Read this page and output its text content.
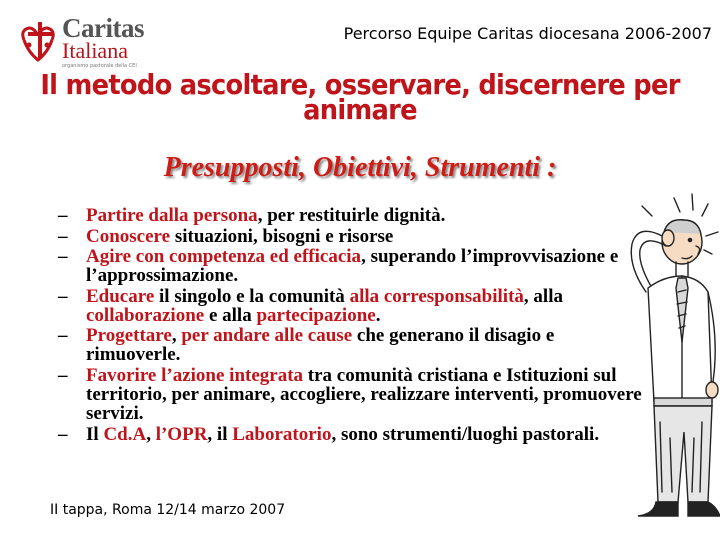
Caritas
Italiana
organismo pastorale della CEI
Percorso Equipe Caritas diocesana 2006-2007
Il metodo ascoltare, osservare, discernere per
animare
Presupposti, Obiettivi, Strumenti :
– Partire dalla persona, per restituirle dignità.
– Conoscere situazioni, bisogni e risorse
– Agire con competenza ed efficacia, superando l’improvvisazione e l’approssimazione.
– Educare il singolo e la comunità alla corresponsabilità, alla collaborazione e alla partecipazione.
– Progettare, per andare alle cause che generano il disagio e rimuoverle.
– Favorire l’azione integrata tra comunità cristiana e Istituzioni sul territorio, per animare, accogliere, realizzare interventi, promuovere servizi.
– Il Cd.A, l’OPR, il Laboratorio, sono strumenti/luoghi pastorali.
II tappa, Roma 12/14 marzo 2007
